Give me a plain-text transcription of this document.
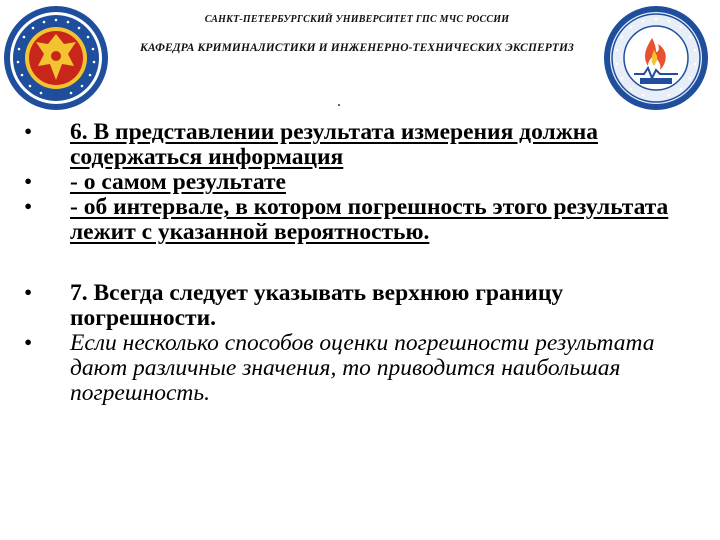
САНКТ-ПЕТЕРБУРГСКИЙ УНИВЕРСИТЕТ ГПС МЧС РОССИИ
КАФЕДРА КРИМИНАЛИСТИКИ И ИНЖЕНЕРНО-ТЕХНИЧЕСКИХ ЭКСПЕРТИЗ
• 6. В представлении результата измерения должна содержаться информация
• - о самом результате
• - об интервале, в котором погрешность этого результата лежит с указанной вероятностью.
• 7. Всегда следует указывать верхнюю границу погрешности.
• Если несколько способов оценки погрешности результата дают различные значения, то приводится наибольшая погрешность.
